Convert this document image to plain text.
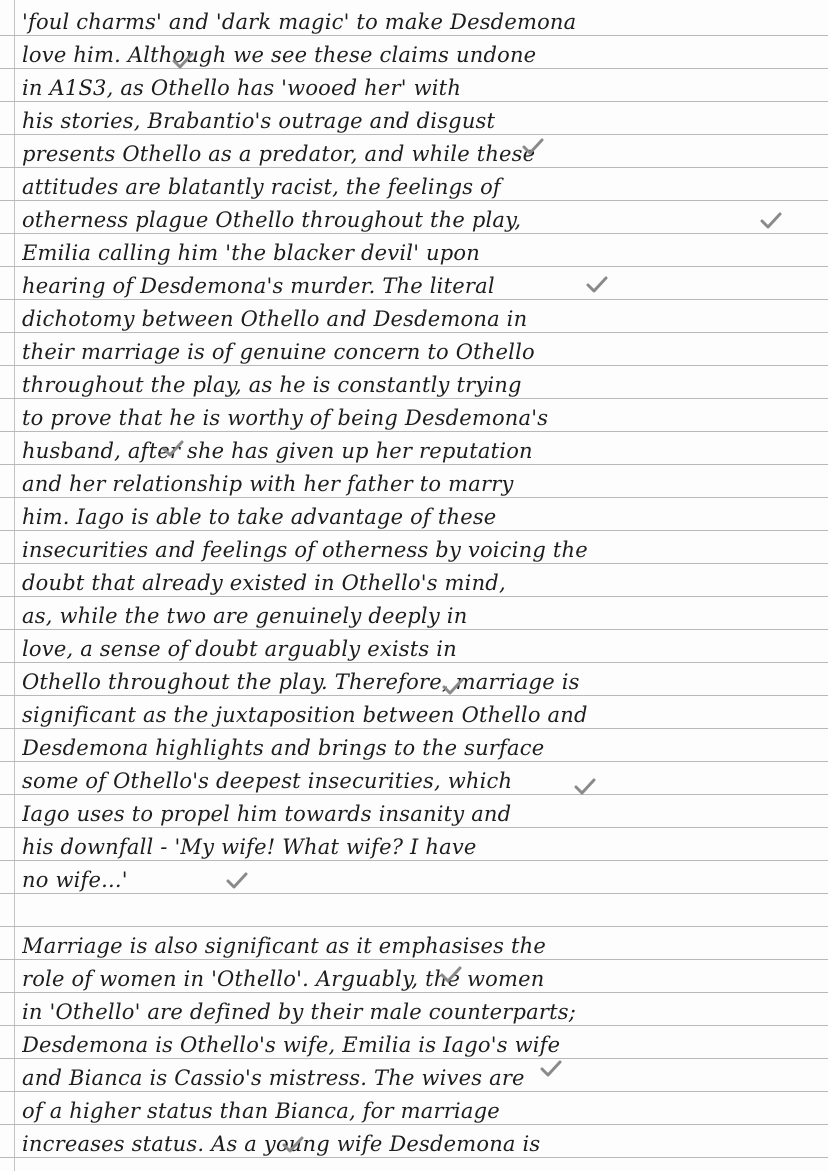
'foul charms' and 'dark magic' to make Desdemona
love him. Although we see these claims undone
in A1S3, as Othello has 'wooed her' with
his stories, Brabantio's outrage and disgust
presents Othello as a predator, and while these
attitudes are blatantly racist, the feelings of
otherness plague Othello throughout the play,
Emilia calling him 'the blacker devil' upon
hearing of Desdemona's murder. The literal
dichotomy between Othello and Desdemona in
their marriage is of genuine concern to Othello
throughout the play, as he is constantly trying
to prove that he is worthy of being Desdemona's
husband, after she has given up her reputation
and her relationship with her father to marry
him. Iago is able to take advantage of these
insecurities and feelings of otherness by voicing the
doubt that already existed in Othello's mind,
as, while the two are genuinely deeply in
love, a sense of doubt arguably exists in
Othello throughout the play. Therefore, marriage is
significant as the juxtaposition between Othello and
Desdemona highlights and brings to the surface
some of Othello's deepest insecurities, which
Iago uses to propel him towards insanity and
his downfall - 'My wife! What wife? I have
no wife...'
Marriage is also significant as it emphasises the
role of women in 'Othello'. Arguably, the women
in 'Othello' are defined by their male counterparts;
Desdemona is Othello's wife, Emilia is Iago's wife
and Bianca is Cassio's mistress. The wives are
of a higher status than Bianca, for marriage
increases status. As a young wife Desdemona is
